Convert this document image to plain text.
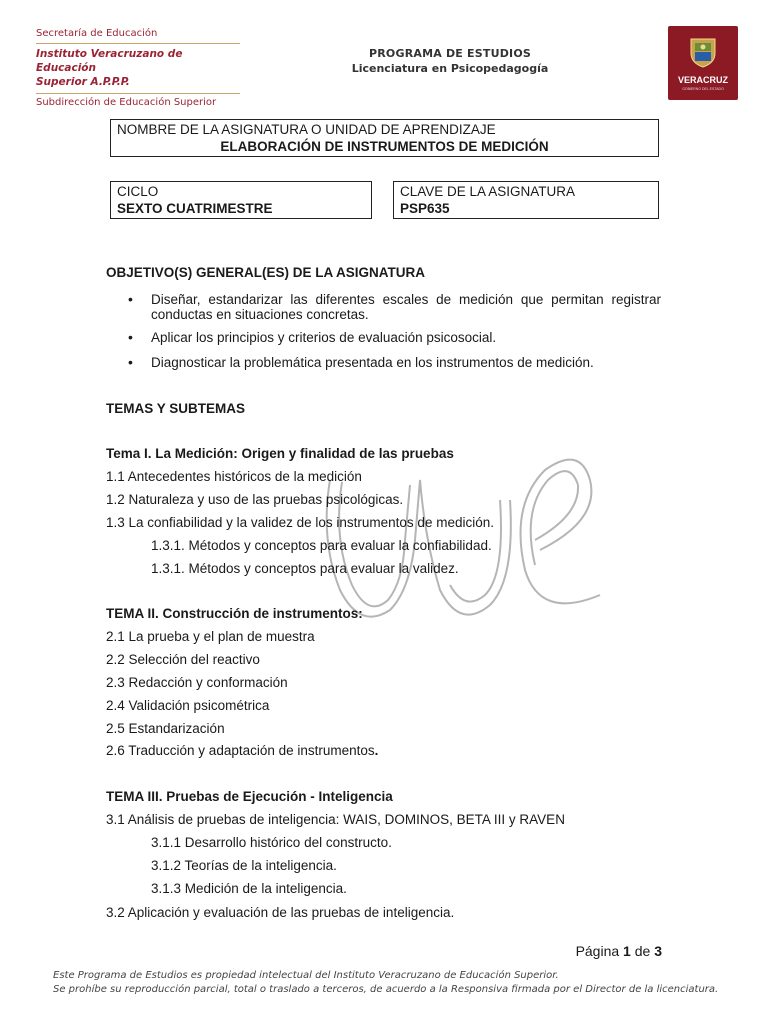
Secretaría de Educación
Instituto Veracruzano de Educación
Superior A.P.P.P.
Subdirección de Educación Superior
PROGRAMA DE ESTUDIOS
Licenciatura en Psicopedagogía
VERACRUZ
GOBIERNO DEL ESTADO
NOMBRE DE LA ASIGNATURA O UNIDAD DE APRENDIZAJE
ELABORACIÓN DE INSTRUMENTOS DE MEDICIÓN
CICLO
SEXTO CUATRIMESTRE
CLAVE DE LA ASIGNATURA
PSP635
OBJETIVO(S) GENERAL(ES) DE LA ASIGNATURA
• Diseñar, estandarizar las diferentes escales de medición que permitan registrar
conductas en situaciones concretas.
• Aplicar los principios y criterios de evaluación psicosocial.
• Diagnosticar la problemática presentada en los instrumentos de medición.
TEMAS Y SUBTEMAS
Tema I. La Medición: Origen y finalidad de las pruebas
1.1 Antecedentes históricos de la medición
1.2 Naturaleza y uso de las pruebas psicológicas.
1.3 La confiabilidad y la validez de los instrumentos de medición.
1.3.1. Métodos y conceptos para evaluar la confiabilidad.
1.3.1. Métodos y conceptos para evaluar la validez.
TEMA II. Construcción de instrumentos:
2.1 La prueba y el plan de muestra
2.2 Selección del reactivo
2.3 Redacción y conformación
2.4 Validación psicométrica
2.5 Estandarización
2.6 Traducción y adaptación de instrumentos.
TEMA III. Pruebas de Ejecución - Inteligencia
3.1 Análisis de pruebas de inteligencia: WAIS, DOMINOS, BETA III y RAVEN
3.1.1 Desarrollo histórico del constructo.
3.1.2 Teorías de la inteligencia.
3.1.3 Medición de la inteligencia.
3.2 Aplicación y evaluación de las pruebas de inteligencia.
Página 1 de 3
Este Programa de Estudios es propiedad intelectual del Instituto Veracruzano de Educación Superior.
Se prohíbe su reproducción parcial, total o traslado a terceros, de acuerdo a la Responsiva firmada por el Director de la licenciatura.
